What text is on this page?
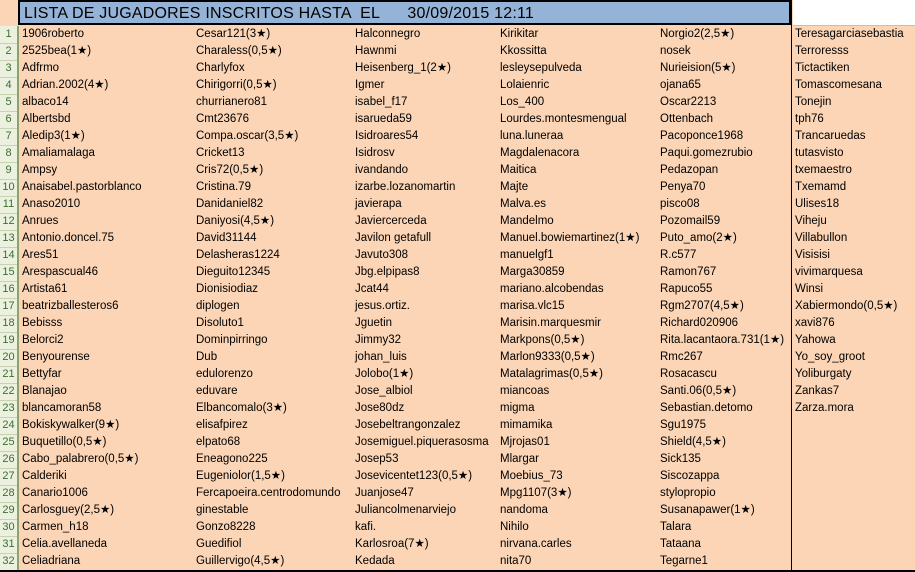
LISTA DE JUGADORES INSCRITOS HASTA  EL      30/09/2015 12:11
1
2
3
4
5
6
7
8
9
10
11
12
13
14
15
16
17
18
19
20
21
22
23
24
25
26
27
28
29
30
31
32
1906roberto
2525bea(1★)
Adfrmo
Adrian.2002(4★)
albaco14
Albertsbd
Aledip3(1★)
Amaliamalaga
Ampsy
Anaisabel.pastorblanco
Anaso2010
Anrues
Antonio.doncel.75
Ares51
Arespascual46
Artista61
beatrizballesteros6
Bebisss
Belorci2
Benyourense
Bettyfar
Blanajao
blancamoran58
Bokiskywalker(9★)
Buquetillo(0,5★)
Cabo_palabrero(0,5★)
Calderiki
Canario1006
Carlosguey(2,5★)
Carmen_h18
Celia.avellaneda
Celiadriana
Cesar121(3★)
Charaless(0,5★)
Charlyfox
Chirigorri(0,5★)
churrianero81
Cmt23676
Compa.oscar(3,5★)
Cricket13
Cris72(0,5★)
Cristina.79
Danidaniel82
Daniyosi(4,5★)
David31144
Delasheras1224
Dieguito12345
Dionisiodiaz
diplogen
Disoluto1
Dominpirringo
Dub
edulorenzo
eduvare
Elbancomalo(3★)
elisafpirez
elpato68
Eneagono225
Eugeniolor(1,5★)
Fercapoeira.centrodomundo
ginestable
Gonzo8228
Guedifiol
Guillervigo(4,5★)
Halconnegro
Hawnmi
Heisenberg_1(2★)
Igmer
isabel_f17
isarueda59
Isidroares54
Isidrosv
ivandando
izarbe.lozanomartin
javierapa
Javiercerceda
Javilon getafull
Javuto308
Jbg.elpipas8
Jcat44
jesus.ortiz.
Jguetin
Jimmy32
johan_luis
Jolobo(1★)
Jose_albiol
Jose80dz
Josebeltrangonzalez
Josemiguel.piquerasosma
Josep53
Josevicentet123(0,5★)
Juanjose47
Juliancolmenarviejo
kafi.
Karlosroa(7★)
Kedada
Kirikitar
Kkossitta
lesleysepulveda
Lolaienric
Los_400
Lourdes.montesmengual
luna.luneraa
Magdalenacora
Maitica
Majte
Malva.es
Mandelmo
Manuel.bowiemartinez(1★)
manuelgf1
Marga30859
mariano.alcobendas
marisa.vlc15
Marisin.marquesmir
Markpons(0,5★)
Marlon9333(0,5★)
Matalagrimas(0,5★)
miancoas
migma
mimamika
Mjrojas01
Mlargar
Moebius_73
Mpg1107(3★)
nandoma
Nihilo
nirvana.carles
nita70
Norgio2(2,5★)
nosek
Nurieision(5★)
ojana65
Oscar2213
Ottenbach
Pacoponce1968
Paqui.gomezrubio
Pedazopan
Penya70
pisco08
Pozomail59
Puto_amo(2★)
R.c577
Ramon767
Rapuco55
Rgm2707(4,5★)
Richard020906
Rita.lacantaora.731(1★)
Rmc267
Rosacascu
Santi.06(0,5★)
Sebastian.detomo
Sgu1975
Shield(4,5★)
Sick135
Siscozappa
stylopropio
Susanapawer(1★)
Talara
Tataana
Tegarne1
Teresagarciasebastia
Terroresss
Tictactiken
Tomascomesana
Tonejin
tph76
Trancaruedas
tutasvisto
txemaestro
Txemamd
Ulises18
Viheju
Villabullon
Visisisi
vivimarquesa
Winsi
Xabiermondo(0,5★)
xavi876
Yahowa
Yo_soy_groot
Yoliburgaty
Zankas7
Zarza.mora
